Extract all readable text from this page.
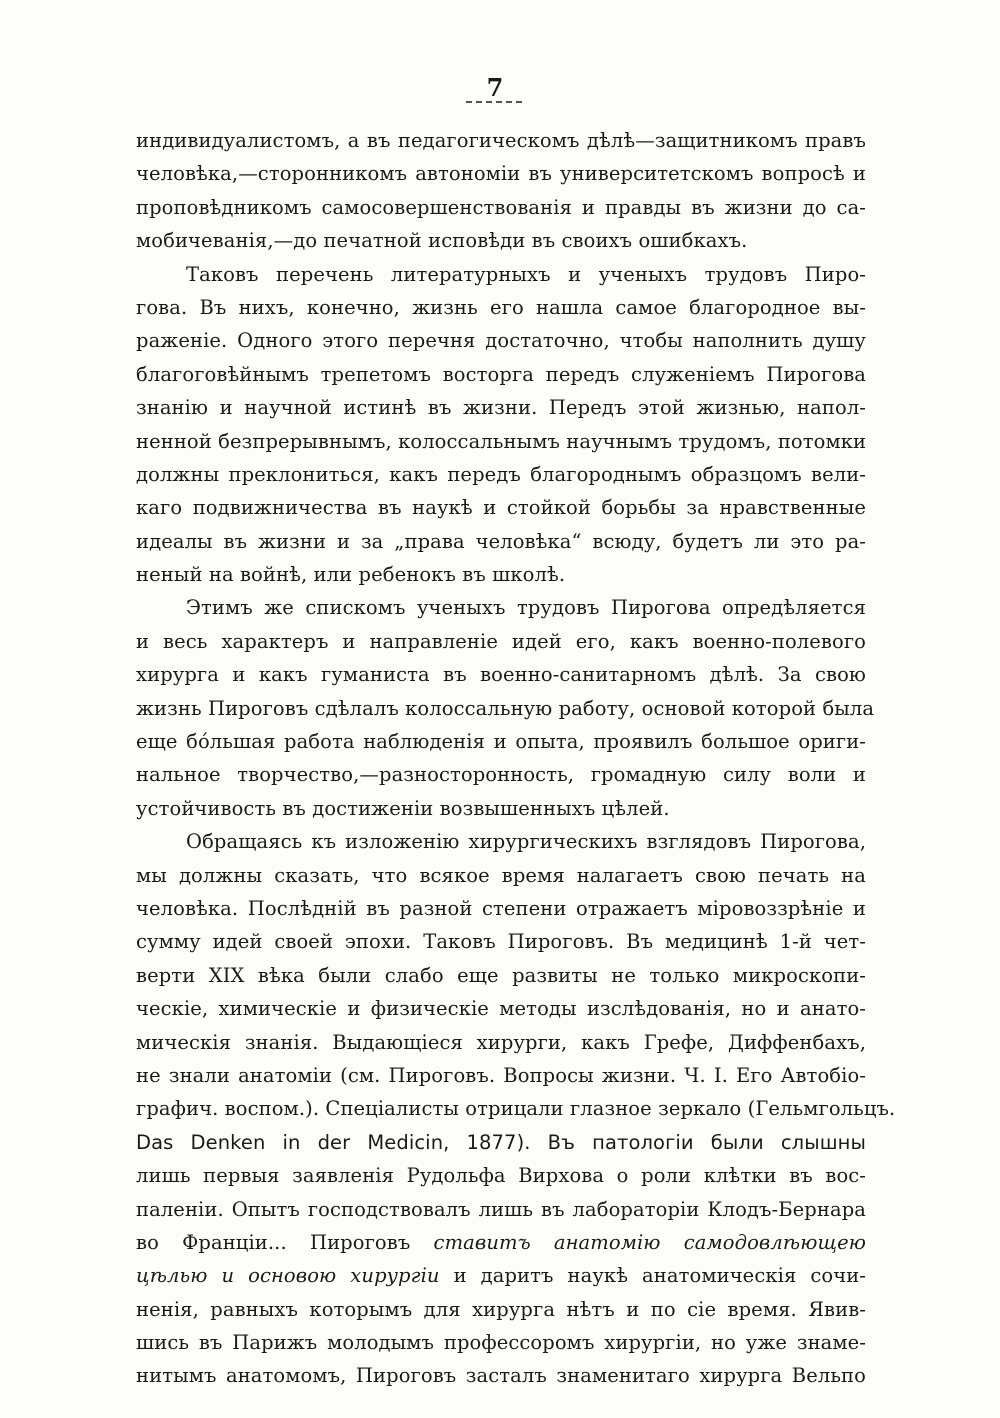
7
индивидуалистомъ, а въ педагогическомъ дѣлѣ—защитникомъ правъ
человѣка,—сторонникомъ автономіи въ университетскомъ вопросѣ и
проповѣдникомъ самосовершенствованія и правды въ жизни до са-
мобичеванія,—до печатной исповѣди въ своихъ ошибкахъ.
Таковъ перечень литературныхъ и ученыхъ трудовъ Пиро-
гова. Въ нихъ, конечно, жизнь его нашла самое благородное вы-
раженіе. Одного этого перечня достаточно, чтобы наполнить душу
благоговѣйнымъ трепетомъ восторга передъ служеніемъ Пирогова
знанію и научной истинѣ въ жизни. Передъ этой жизнью, напол-
ненной безпрерывнымъ, колоссальнымъ научнымъ трудомъ, потомки
должны преклониться, какъ передъ благороднымъ образцомъ вели-
каго подвижничества въ наукѣ и стойкой борьбы за нравственные
идеалы въ жизни и за „права человѣка“ всюду, будетъ ли это ра-
неный на войнѣ, или ребенокъ въ школѣ.
Этимъ же спискомъ ученыхъ трудовъ Пирогова опредѣляется
и весь характеръ и направленіе идей его, какъ военно-полевого
хирурга и какъ гуманиста въ военно-санитарномъ дѣлѣ. За свою
жизнь Пироговъ сдѣлалъ колоссальную работу, основой которой была
еще бо́льшая работа наблюденія и опыта, проявилъ большое ориги-
нальное творчество,—разносторонность, громадную силу воли и
устойчивость въ достиженіи возвышенныхъ цѣлей.
Обращаясь къ изложенію хирургическихъ взглядовъ Пирогова,
мы должны сказать, что всякое время налагаетъ свою печать на
человѣка. Послѣдній въ разной степени отражаетъ міровоззрѣніе и
сумму идей своей эпохи. Таковъ Пироговъ. Въ медицинѣ 1-й чет-
верти XIX вѣка были слабо еще развиты не только микроскопи-
ческіе, химическіе и физическіе методы изслѣдованія, но и анато-
мическія знанія. Выдающіеся хирурги, какъ Грефе, Диффенбахъ,
не знали анатоміи (см. Пироговъ. Вопросы жизни. Ч. I. Его Автобіо-
графич. воспом.). Спеціалисты отрицали глазное зеркало (Гельмгольцъ.
Das Denken in der Medicin, 1877). Въ патологіи были слышны
лишь первыя заявленія Рудольфа Вирхова о роли клѣтки въ вос-
паленіи. Опытъ господствовалъ лишь въ лабораторіи Клодъ-Бернара
во Франціи... Пироговъ ставитъ анатомію самодовлѣющею
цѣлью и основою хирургіи и даритъ наукѣ анатомическія сочи-
ненія, равныхъ которымъ для хирурга нѣтъ и по сіе время. Явив-
шись въ Парижъ молодымъ профессоромъ хирургіи, но уже знаме-
нитымъ анатомомъ, Пироговъ засталъ знаменитаго хирурга Вельпо
